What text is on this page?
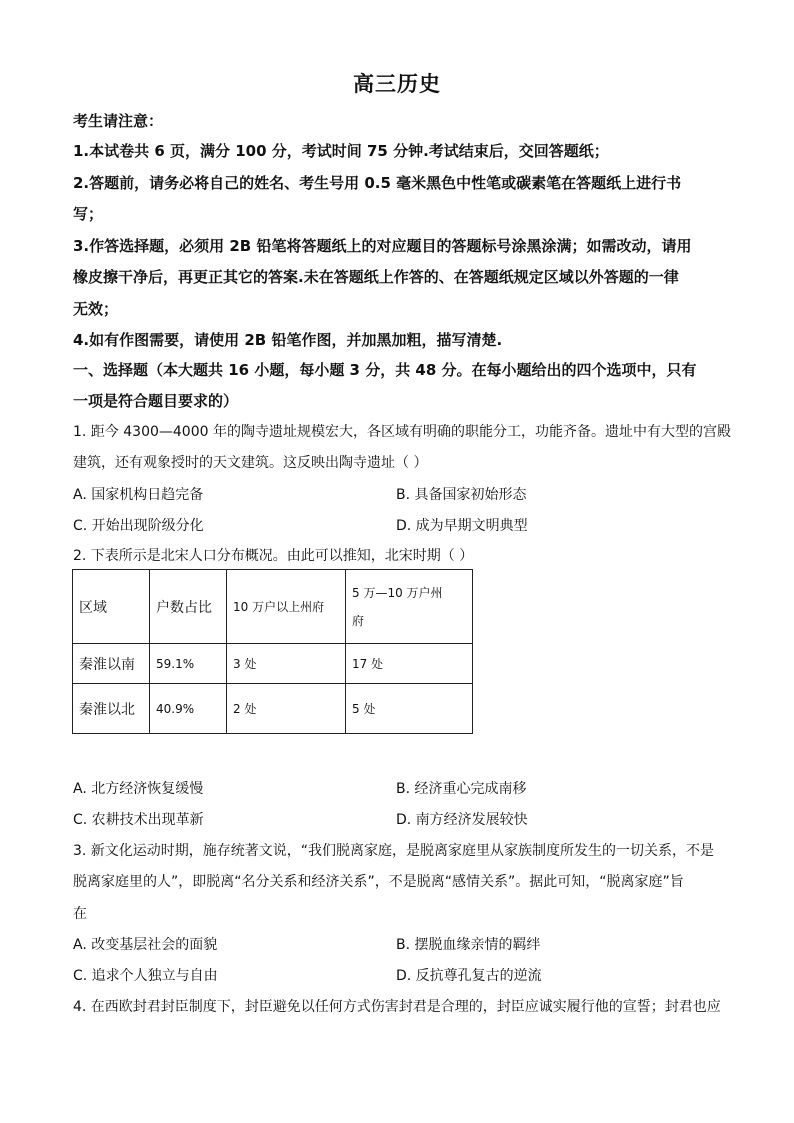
高三历史
考生请注意：
1.本试卷共 6 页，满分 100 分，考试时间 75 分钟.考试结束后，交回答题纸；
2.答题前，请务必将自己的姓名、考生号用 0.5 毫米黑色中性笔或碳素笔在答题纸上进行书
写；
3.作答选择题，必须用 2B 铅笔将答题纸上的对应题目的答题标号涂黑涂满；如需改动，请用
橡皮擦干净后，再更正其它的答案.未在答题纸上作答的、在答题纸规定区域以外答题的一律
无效；
4.如有作图需要，请使用 2B 铅笔作图，并加黑加粗，描写清楚.
一、选择题（本大题共 16 小题，每小题 3 分，共 48 分。在每小题给出的四个选项中，只有
一项是符合题目要求的）
1. 距今 4300—4000 年的陶寺遗址规模宏大，各区域有明确的职能分工，功能齐备。遗址中有大型的宫殿
建筑，还有观象授时的天文建筑。这反映出陶寺遗址（ ）
A. 国家机构日趋完备	B. 具备国家初始形态
C. 开始出现阶级分化	D. 成为早期文明典型
2. 下表所示是北宋人口分布概况。由此可以推知，北宋时期（ ）
区域	户数占比	10 万户以上州府	5 万—10 万户州
府

秦淮以南	59.1%	3 处	17 处
秦淮以北	40.9%	2 处	5 处
A. 北方经济恢复缓慢	B. 经济重心完成南移
C. 农耕技术出现革新	D. 南方经济发展较快
3. 新文化运动时期，施存统著文说，“我们脱离家庭，是脱离家庭里从家族制度所发生的一切关系，不是
脱离家庭里的人”，即脱离“名分关系和经济关系”，不是脱离“感情关系”。据此可知，“脱离家庭”旨
在
A. 改变基层社会的面貌	B. 摆脱血缘亲情的羁绊
C. 追求个人独立与自由	D. 反抗尊孔复古的逆流
4. 在西欧封君封臣制度下，封臣避免以任何方式伤害封君是合理的，封臣应诚实履行他的宣誓；封君也应
